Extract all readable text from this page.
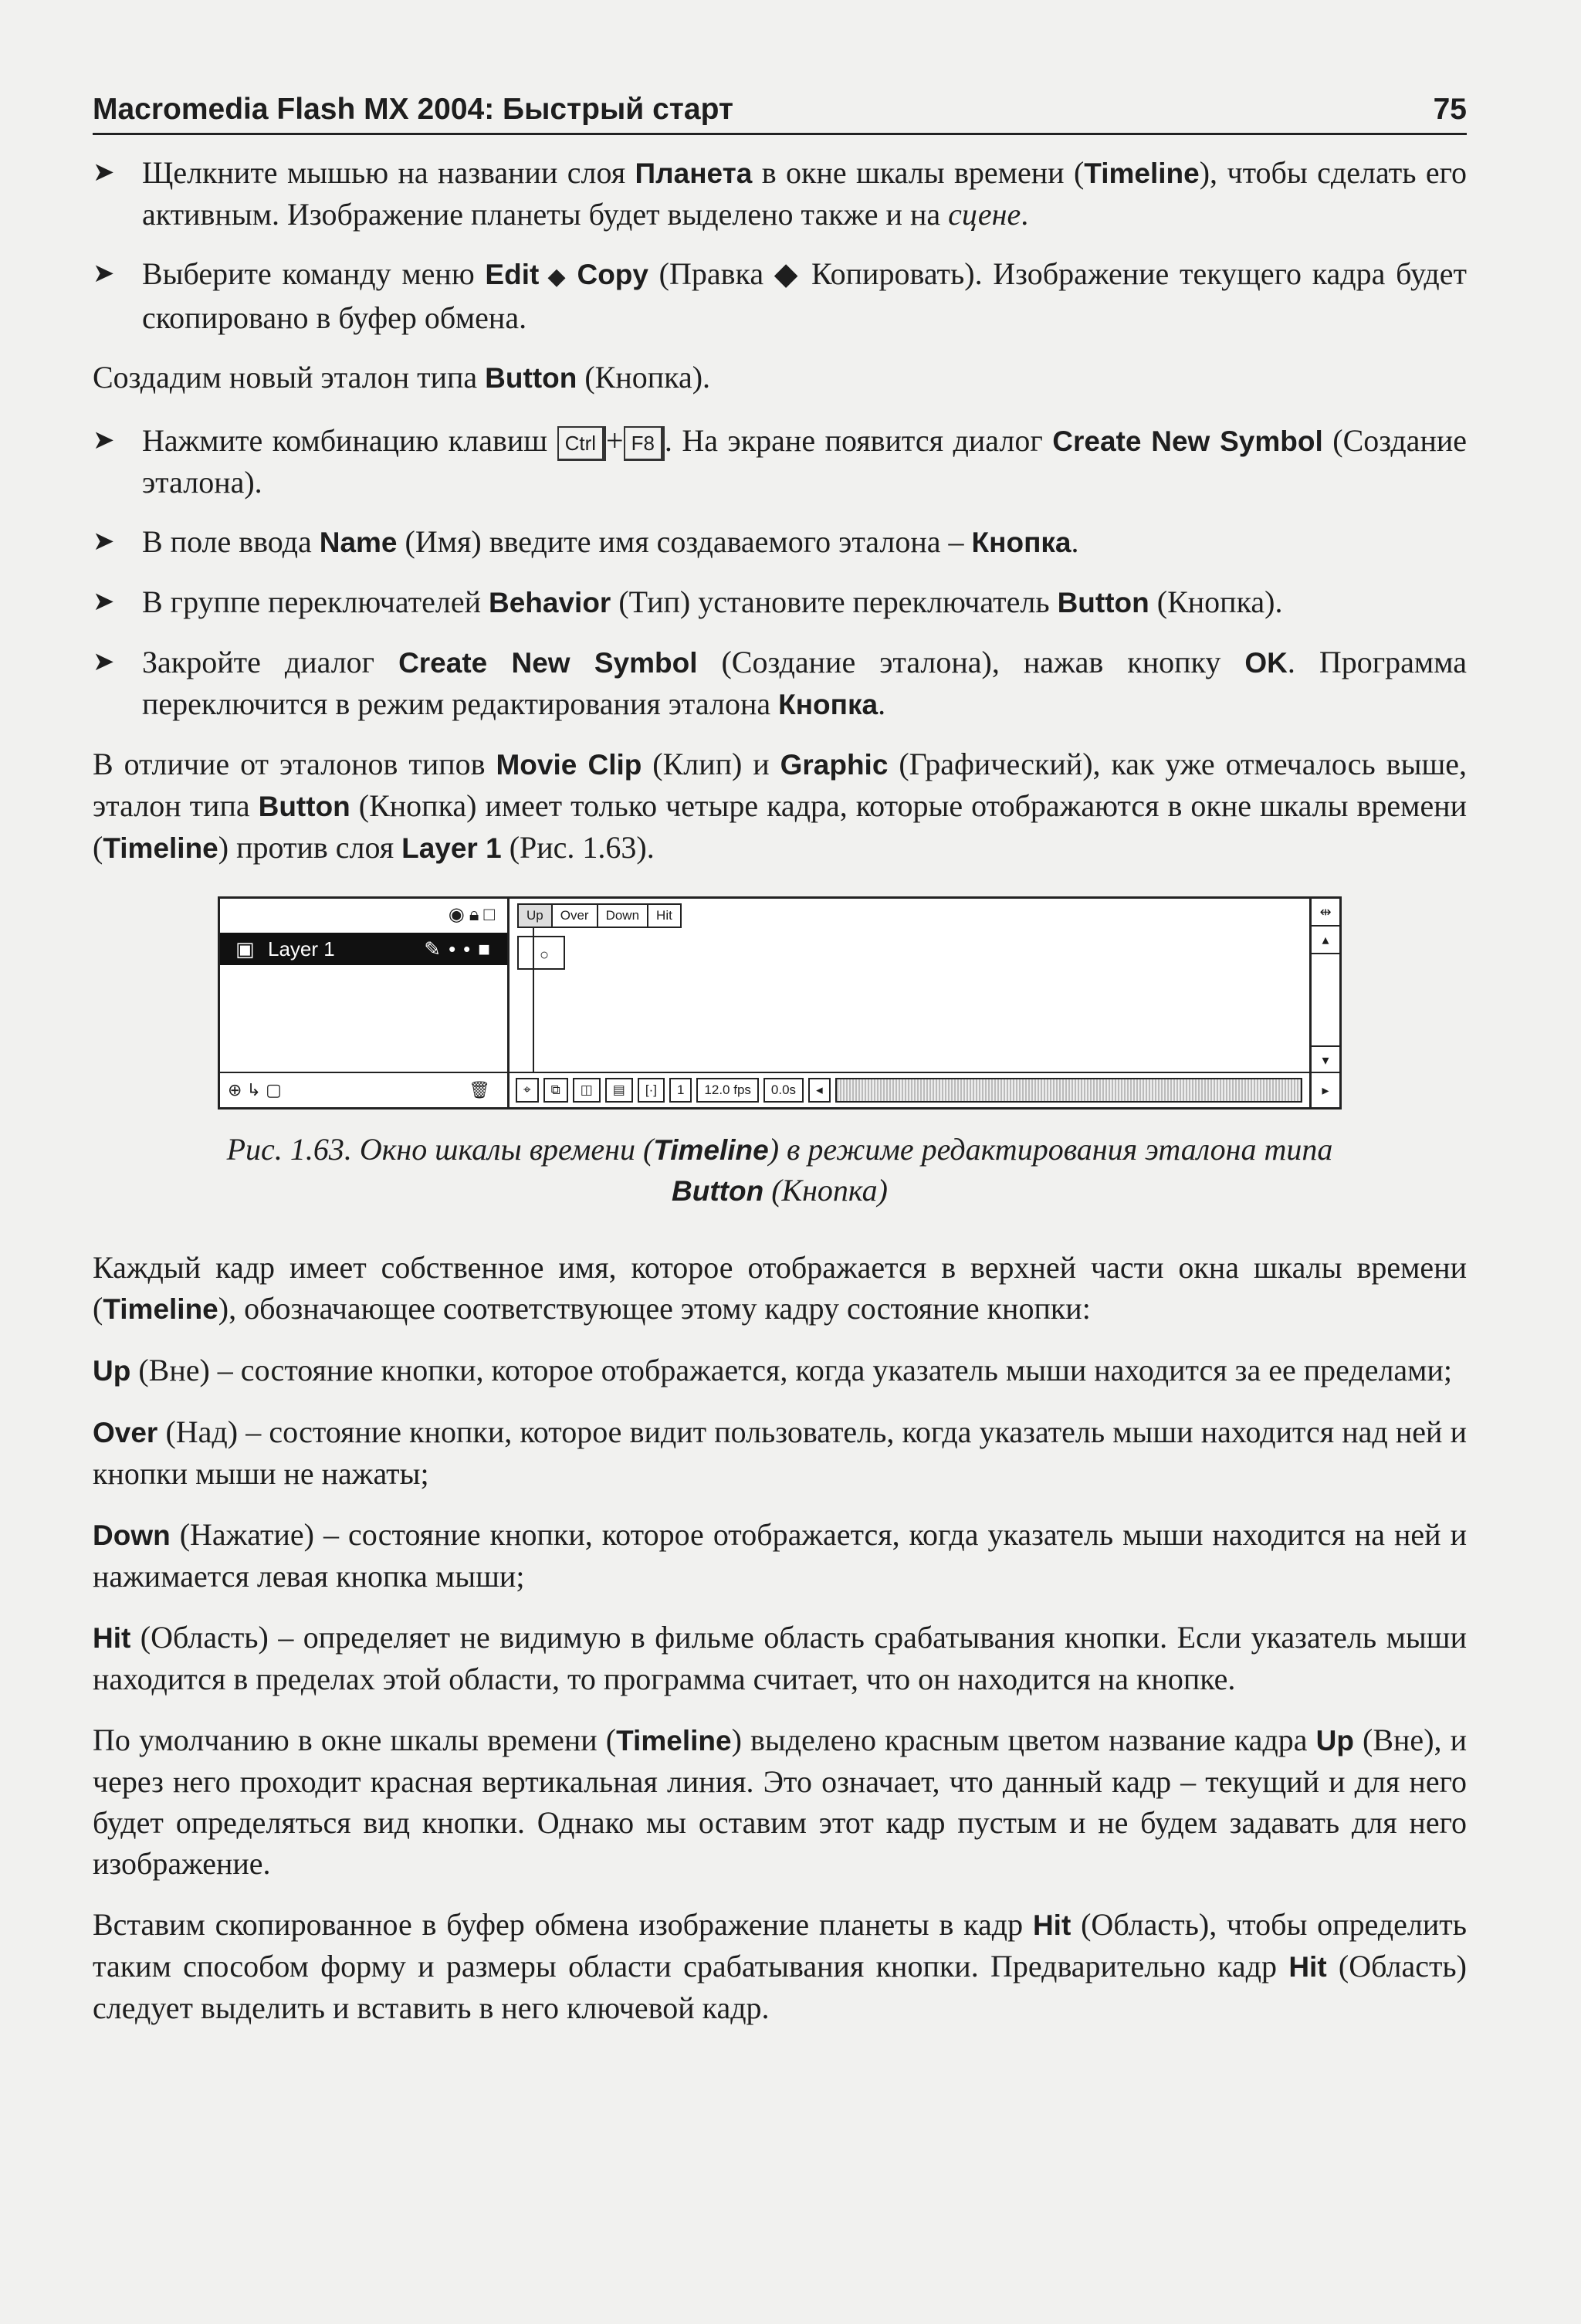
Macromedia Flash MX 2004: Быстрый старт	75

➤ Щелкните мышью на названии слоя Планета в окне шкалы времени (Timeline), чтобы сделать его активным. Изображение планеты будет выделено также и на сцене.

➤ Выберите команду меню Edit ◆ Copy (Правка ◆ Копировать). Изображение текущего кадра будет скопировано в буфер обмена.

Создадим новый эталон типа Button (Кнопка).

➤ Нажмите комбинацию клавиш Ctrl + F8 . На экране появится диалог Create New Symbol (Создание эталона).

➤ В поле ввода Name (Имя) введите имя создаваемого эталона – Кнопка.

➤ В группе переключателей Behavior (Тип) установите переключатель Button (Кнопка).

➤ Закройте диалог Create New Symbol (Создание эталона), нажав кнопку OK. Программа переключится в режим редактирования эталона Кнопка.

В отличие от эталонов типов Movie Clip (Клип) и Graphic (Графический), как уже отмечалось выше, эталон типа Button (Кнопка) имеет только четыре кадра, которые отображаются в окне шкалы времени (Timeline) против слоя Layer 1 (Рис. 1.63).

◉🔒︎□
▣ Layer 1	✎••■
⊕ ↳ ▢	🗑︎
Up	Over	Down	Hit
○
⌖	⧉	◫	▤	[·]	1	12.0 fps	0.0s	◂
⇹
▴
▾
▸

Рис. 1.63. Окно шкалы времени (Timeline) в режиме редактирования эталона типа
Button (Кнопка)

Каждый кадр имеет собственное имя, которое отображается в верхней части окна шкалы времени (Timeline), обозначающее соответствующее этому кадру состояние кнопки:

Up (Вне) – состояние кнопки, которое отображается, когда указатель мыши находится за ее пределами;

Over (Над) – состояние кнопки, которое видит пользователь, когда указатель мыши находится над ней и кнопки мыши не нажаты;

Down (Нажатие) – состояние кнопки, которое отображается, когда указатель мыши находится на ней и нажимается левая кнопка мыши;

Hit (Область) – определяет не видимую в фильме область срабатывания кнопки. Если указатель мыши находится в пределах этой области, то программа считает, что он находится на кнопке.

По умолчанию в окне шкалы времени (Timeline) выделено красным цветом название кадра Up (Вне), и через него проходит красная вертикальная линия. Это означает, что данный кадр – текущий и для него будет определяться вид кнопки. Однако мы оставим этот кадр пустым и не будем задавать для него изображение.

Вставим скопированное в буфер обмена изображение планеты в кадр Hit (Область), чтобы определить таким способом форму и размеры области срабатывания кнопки. Предварительно кадр Hit (Область) следует выделить и вставить в него ключевой кадр.
